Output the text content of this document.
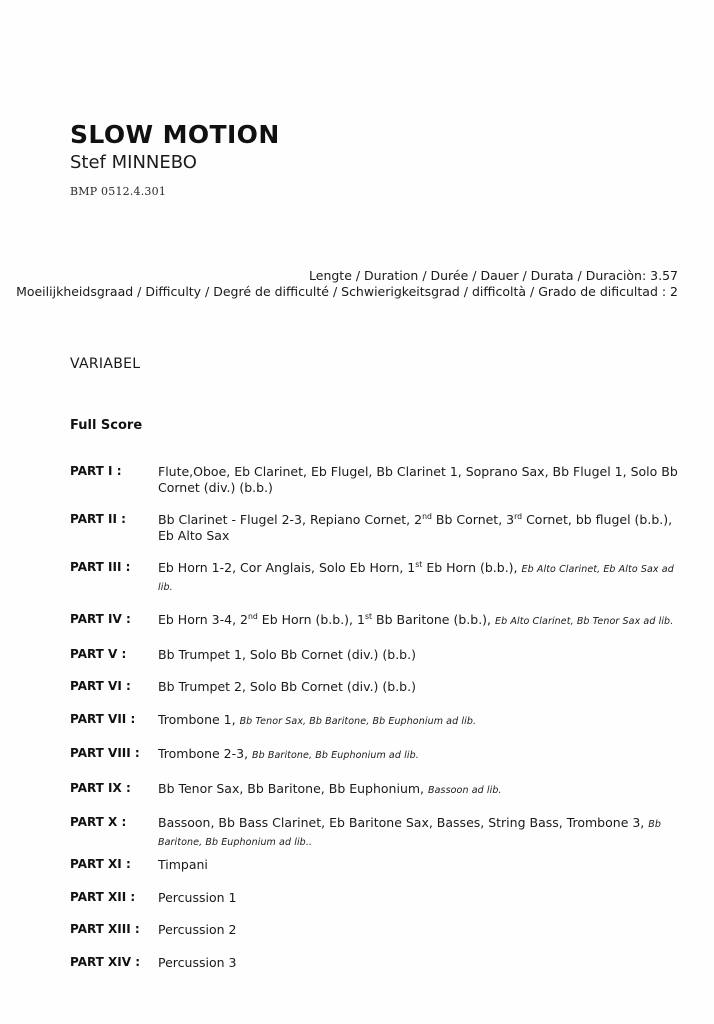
SLOW MOTION
Stef MINNEBO
BMP 0512.4.301
Lengte / Duration / Durée / Dauer / Durata / Duraciòn: 3.57
Moeilijkheidsgraad / Difficulty / Degré de difficulté / Schwierigkeitsgrad / difficoltà / Grado de dificultad : 2
VARIABEL
Full Score
PART I :	Flute,Oboe, Eb Clarinet, Eb Flugel, Bb Clarinet 1, Soprano Sax, Bb Flugel 1, Solo Bb Cornet (div.) (b.b.)
PART II :	Bb Clarinet - Flugel 2-3, Repiano Cornet, 2nd Bb Cornet, 3rd Cornet, bb flugel (b.b.), Eb Alto Sax
PART III :	Eb Horn 1-2, Cor Anglais, Solo Eb Horn, 1st Eb Horn (b.b.), Eb Alto Clarinet, Eb Alto Sax ad lib.
PART IV :	Eb Horn 3-4, 2nd Eb Horn (b.b.), 1st Bb Baritone (b.b.), Eb Alto Clarinet, Bb Tenor Sax ad lib.
PART V :	Bb Trumpet 1, Solo Bb Cornet (div.) (b.b.)
PART VI :	Bb Trumpet 2, Solo Bb Cornet (div.) (b.b.)
PART VII :	Trombone 1, Bb Tenor Sax, Bb Baritone, Bb Euphonium ad lib.
PART VIII :	Trombone 2-3, Bb Baritone, Bb Euphonium ad lib.
PART IX :	Bb Tenor Sax, Bb Baritone, Bb Euphonium, Bassoon ad lib.
PART X :	Bassoon, Bb Bass Clarinet, Eb Baritone Sax, Basses, String Bass, Trombone 3, Bb Baritone, Bb Euphonium ad lib..
PART XI :	Timpani
PART XII :	Percussion 1
PART XIII :	Percussion 2
PART XIV :	Percussion 3
